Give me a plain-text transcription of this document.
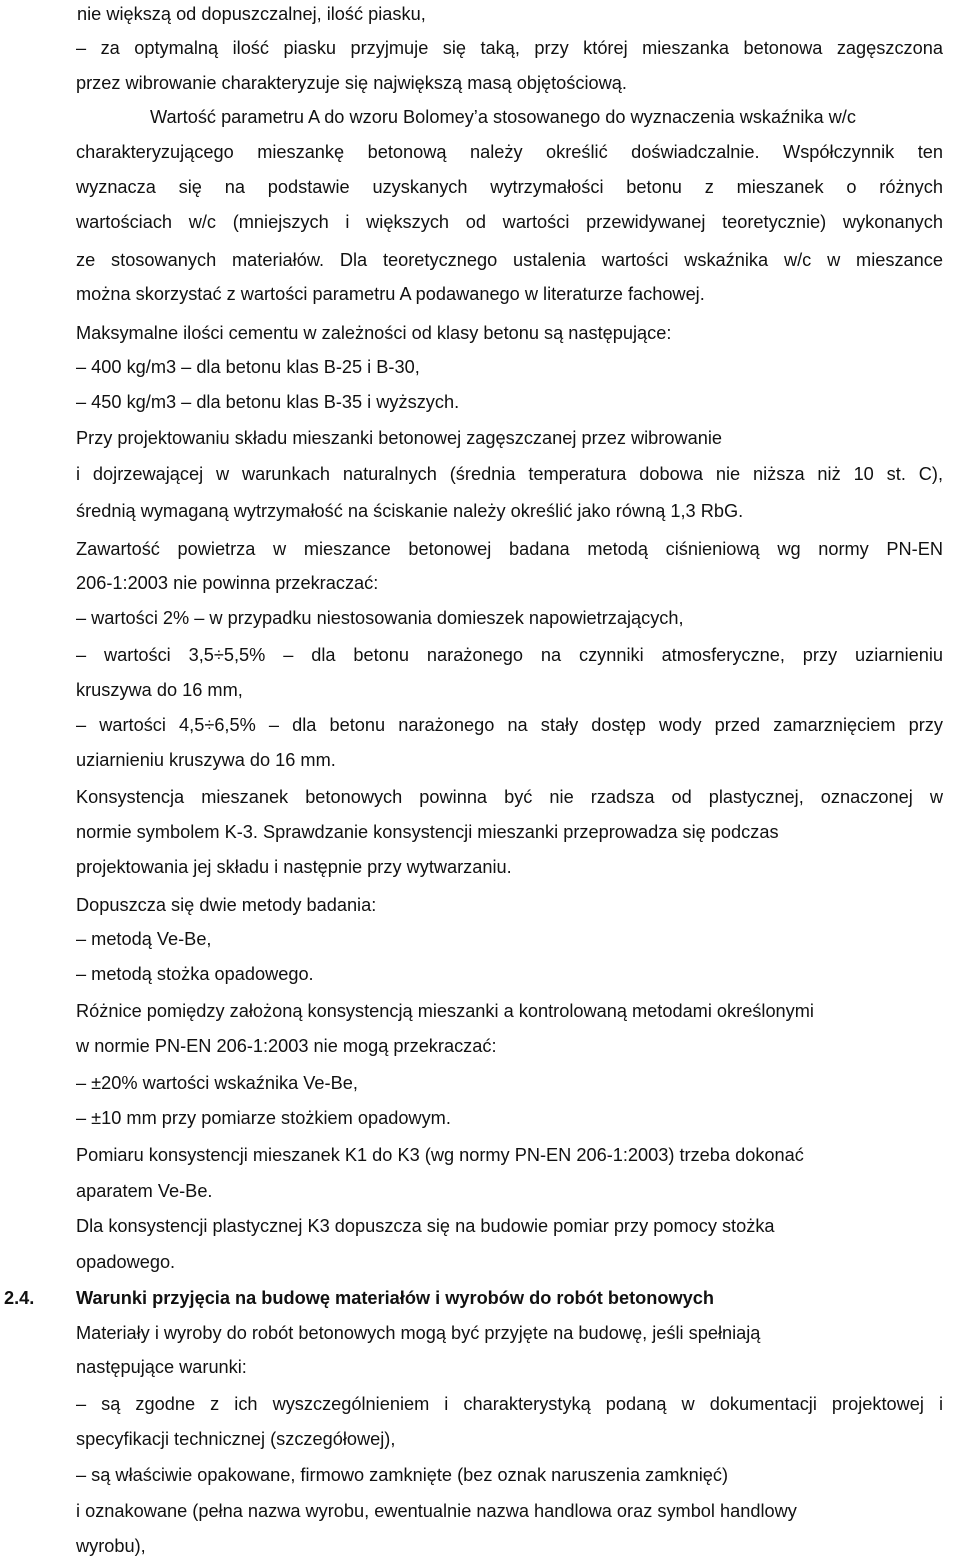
nie większą od dopuszczalnej, ilość piasku,
– za optymalną ilość piasku przyjmuje się taką, przy której mieszanka betonowa zagęszczona
przez wibrowanie charakteryzuje się największą masą objętościową.
Wartość parametru A do wzoru Bolomey’a stosowanego do wyznaczenia wskaźnika w/c
charakteryzującego mieszankę betonową należy określić doświadczalnie. Współczynnik ten
wyznacza się na podstawie uzyskanych wytrzymałości betonu z mieszanek o różnych
wartościach w/c (mniejszych i większych od wartości przewidywanej teoretycznie) wykonanych
ze stosowanych materiałów. Dla teoretycznego ustalenia wartości wskaźnika w/c w mieszance
można skorzystać z wartości parametru A podawanego w literaturze fachowej.
Maksymalne ilości cementu w zależności od klasy betonu są następujące:
– 400 kg/m3 – dla betonu klas B-25 i B-30,
– 450 kg/m3 – dla betonu klas B-35 i wyższych.
Przy projektowaniu składu mieszanki betonowej zagęszczanej przez wibrowanie
i dojrzewającej w warunkach naturalnych (średnia temperatura dobowa nie niższa niż 10 st. C),
średnią wymaganą wytrzymałość na ściskanie należy określić jako równą 1,3 RbG.
Zawartość powietrza w mieszance betonowej badana metodą ciśnieniową wg normy PN-EN
206-1:2003 nie powinna przekraczać:
– wartości 2% – w przypadku niestosowania domieszek napowietrzających,
– wartości 3,5÷5,5% – dla betonu narażonego na czynniki atmosferyczne, przy uziarnieniu
kruszywa do 16 mm,
– wartości 4,5÷6,5% – dla betonu narażonego na stały dostęp wody przed zamarznięciem przy
uziarnieniu kruszywa do 16 mm.
Konsystencja mieszanek betonowych powinna być nie rzadsza od plastycznej, oznaczonej w
normie symbolem K-3. Sprawdzanie konsystencji mieszanki przeprowadza się podczas
projektowania jej składu i następnie przy wytwarzaniu.
Dopuszcza się dwie metody badania:
– metodą Ve-Be,
– metodą stożka opadowego.
Różnice pomiędzy założoną konsystencją mieszanki a kontrolowaną metodami określonymi
w normie PN-EN 206-1:2003 nie mogą przekraczać:
– ±20% wartości wskaźnika Ve-Be,
– ±10 mm przy pomiarze stożkiem opadowym.
Pomiaru konsystencji mieszanek K1 do K3 (wg normy PN-EN 206-1:2003) trzeba dokonać
aparatem Ve-Be.
Dla konsystencji plastycznej K3 dopuszcza się na budowie pomiar przy pomocy stożka
opadowego.
2.4. Warunki przyjęcia na budowę materiałów i wyrobów do robót betonowych
Materiały i wyroby do robót betonowych mogą być przyjęte na budowę, jeśli spełniają
następujące warunki:
– są zgodne z ich wyszczególnieniem i charakterystyką podaną w dokumentacji projektowej i
specyfikacji technicznej (szczegółowej),
– są właściwie opakowane, firmowo zamknięte (bez oznak naruszenia zamknięć)
i oznakowane (pełna nazwa wyrobu, ewentualnie nazwa handlowa oraz symbol handlowy
wyrobu),
